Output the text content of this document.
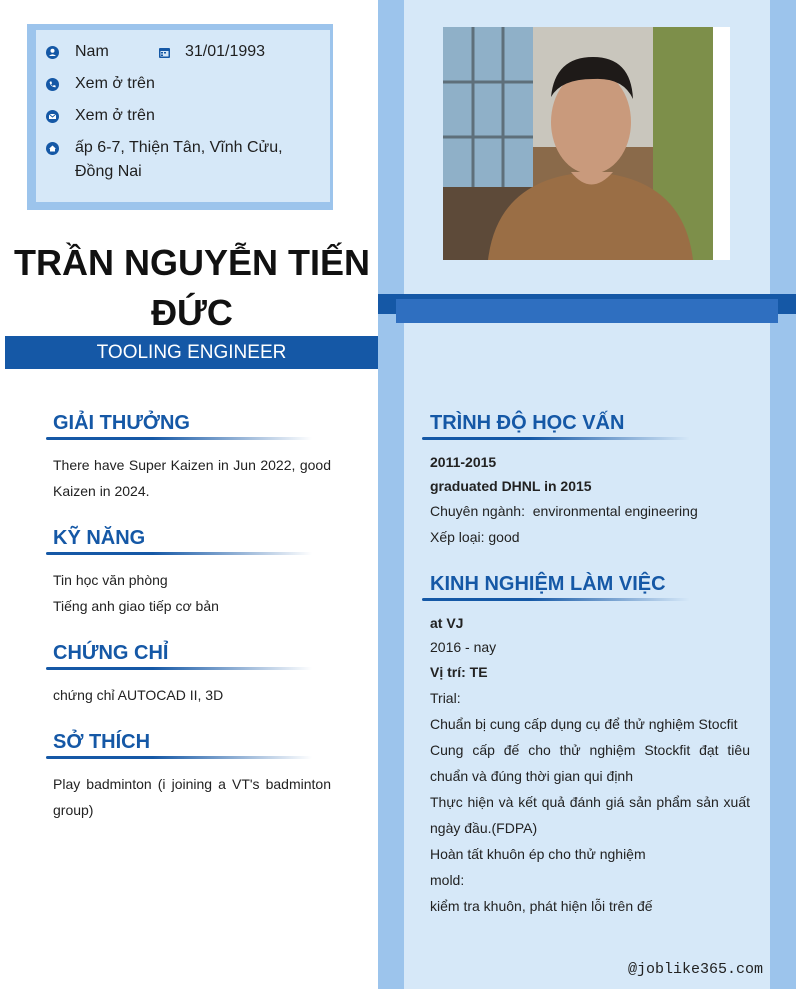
Nam	31/01/1993
Xem ở trên
Xem ở trên
ấp 6-7, Thiện Tân, Vĩnh Cửu, Đồng Nai
TRẦN NGUYỄN TIẾN ĐỨC
TOOLING ENGINEER
GIẢI THƯỞNG
There have Super Kaizen in Jun 2022, good Kaizen in 2024.
KỸ NĂNG
Tin học văn phòng
Tiếng anh giao tiếp cơ bản
CHỨNG CHỈ
chứng chỉ AUTOCAD II, 3D
SỞ THÍCH
Play badminton (i joining a VT's badminton group)
TRÌNH ĐỘ HỌC VẤN
2011-2015
graduated DHNL in 2015
Chuyên ngành:  environmental engineering
Xếp loại: good
KINH NGHIỆM LÀM VIỆC
at VJ
2016 - nay
Vị trí: TE
Trial:
Chuẩn bị cung cấp dụng cụ để thử nghiệm Stocfit
Cung cấp đế cho thử nghiệm Stockfit đạt tiêu chuẩn và đúng thời gian qui định
Thực hiện và kết quả đánh giá sản phẩm sản xuất ngày đầu.(FDPA)
Hoàn tất khuôn ép cho thử nghiệm
mold:
kiểm tra khuôn, phát hiện lỗi trên đế
@joblike365.com
